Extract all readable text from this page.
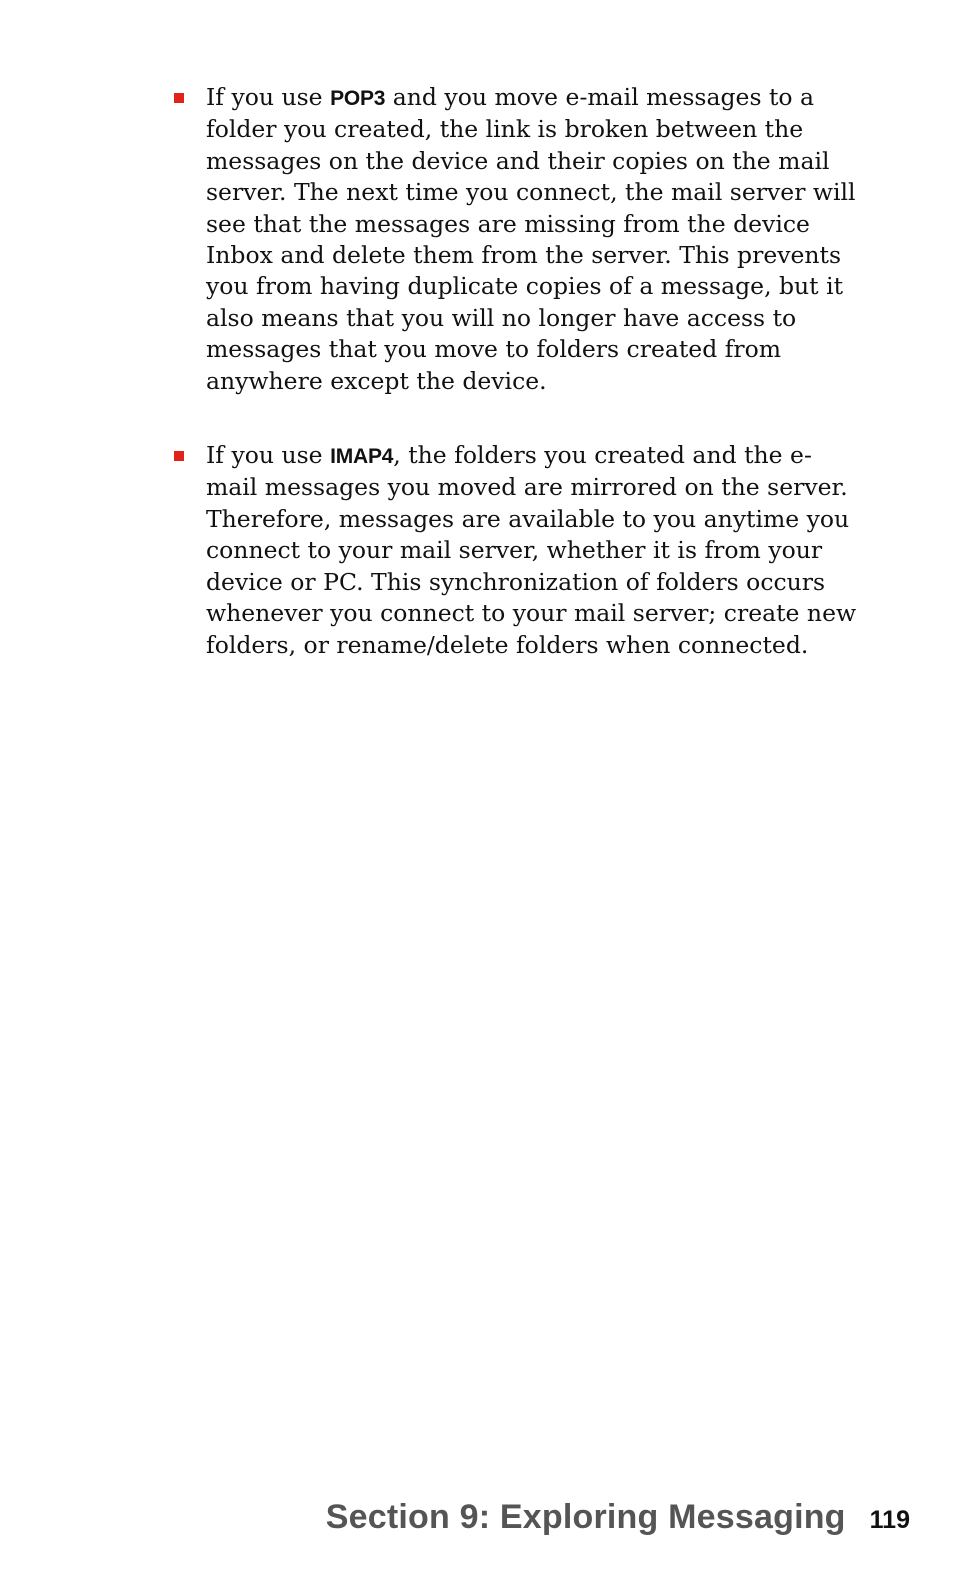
If you use POP3 and you move e-mail messages to a folder you created, the link is broken between the messages on the device and their copies on the mail server. The next time you connect, the mail server will see that the messages are missing from the device Inbox and delete them from the server. This prevents you from having duplicate copies of a message, but it also means that you will no longer have access to messages that you move to folders created from anywhere except the device.
If you use IMAP4, the folders you created and the e-mail messages you moved are mirrored on the server. Therefore, messages are available to you anytime you connect to your mail server, whether it is from your device or PC. This synchronization of folders occurs whenever you connect to your mail server; create new folders, or rename/delete folders when connected.
Section 9: Exploring Messaging 119
